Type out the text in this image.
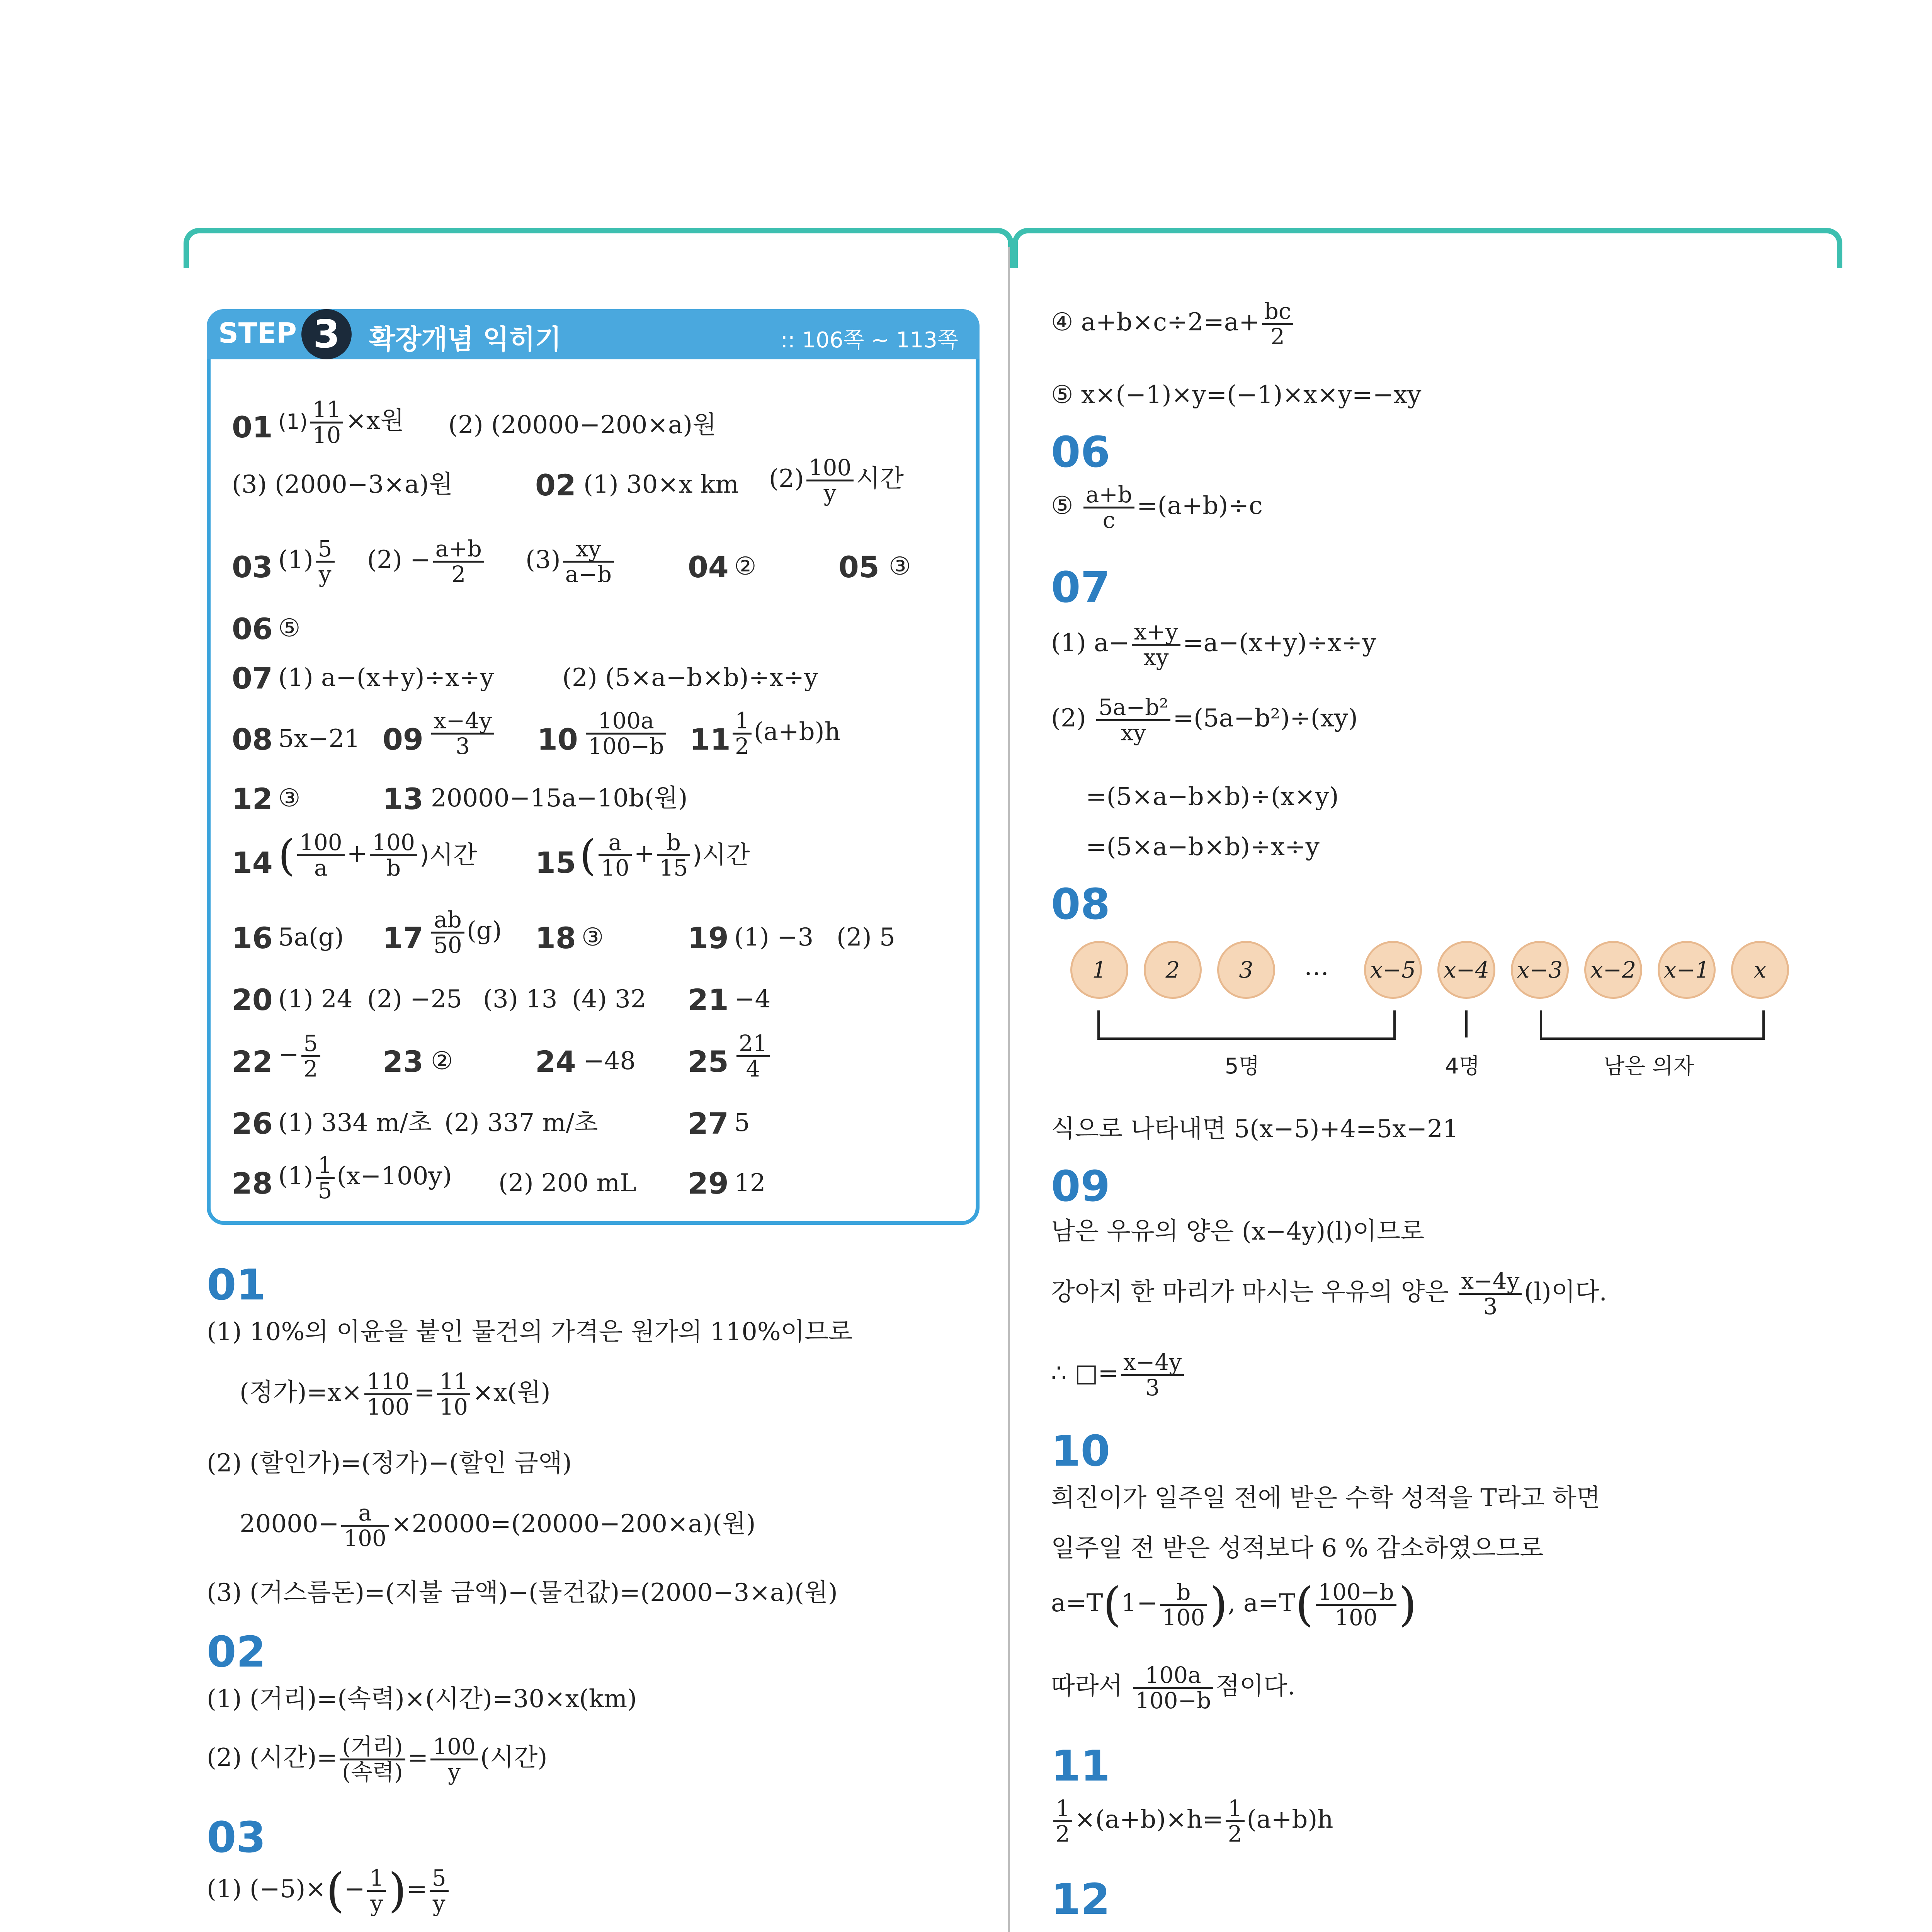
STEP 3	확장개념 익히기	:: 106쪽 ~ 113쪽
01 $(1) \frac{11}{10} \times x$원 (2) (20000−200×a)원
(3) (2000−3×a)원	02 (1) 30×x km $(2) \frac{100}{y}$ 시간
03 $(1) \frac{5}{y} (2) - \frac{a+b}{2} (3) \frac{xy}{a-b}$	04 ②	05 ③
06 ⑤
07 (1) a−(x+y)÷x÷y	(2) (5×a−b×b)÷x÷y
08 5x−21 $09 \frac{x-4y}{3} 10 \frac{100a}{100-b} 11 \frac{1}{2} (a+b)h$
12 ③	13 20000−15a−10b(원)
14 ( $\frac{100}{a} + \frac{100}{b}$ )시간 15 ( $\frac{a}{10} + \frac{b}{15}$ )시간
16 5a(g) $17 \frac{ab}{50} (g)$ 18 ③	19 (1) −3 (2) 5
20 (1) 24 (2) −25 (3) 13 (4) 32 21 −4
$22 - \frac{5}{2} 23$ ②	24 −48 $25 \frac{21}{4}$
26 (1) 334 m/초 (2) 337 m/초	27 5
28 $(1) \frac{1}{5} (x-100y)$ (2) 200 mL 29 12
01
(1) 10%의 이윤을 붙인 물건의 가격은 원가의 110%이므로
(정가)$=x\times \frac{110}{100} = \frac{11}{10} \times x$(원)
(2) (할인가)=(정가)−(할인 금액)
$20000- \frac{a}{100} \times 20000=(20000-200\times a)$(원)
(3) (거스름돈)=(지불 금액)−(물건값)=(2000−3×a)(원)
02
(1) (거리)=(속력)×(시간)=30×x(km)
(2) (시간)= $\frac{\text{(거리)}}{\text{(속력)}} = \frac{100}{y}$ (시간)
03
(1) $(-5)\times(- \frac{1}{y}$ )= $\frac{5}{y}$
④ $a+b\times c\div 2=a+ \frac{bc}{2}$
⑤ x×(−1)×y=(−1)×x×y=−xy
06
⑤ $\frac{a+b}{c} =(a+b)\div c$
07
(1) $a- \frac{x+y}{xy} =a-(x+y)\div x\div y$
$(2) \frac{\text{5a−b²}}{xy} =(5a-b^2)\div(xy)$
=(5×a−b×b)÷(x×y)
=(5×a−b×b)÷x÷y
08
1	2	3	… x−5 x−4 x−3 x−2 x−1	x
5명	4명	남은 의자
식으로 나타내면 5(x−5)+4=5x−21
09
남은 우유의 양은 (x−4y)(l)이므로
강아지 한 마리가 마시는 우유의 양은 $\frac{x-4y}{3} (l)$이다.
∴ □= $\frac{x-4y}{3}$
10
희진이가 일주일 전에 받은 수학 성적을 T라고 하면
일주일 전 받은 성적보다 6 % 감소하였으므로
$a=T(1- \frac{b}{100}$ ), $a=T( \frac{100-b}{100}$ )
따라서 $\frac{100a}{100-b}$ 점이다.
11
$\frac{1}{2} \times(a+b)\times h= \frac{1}{2} (a+b)h$
12
